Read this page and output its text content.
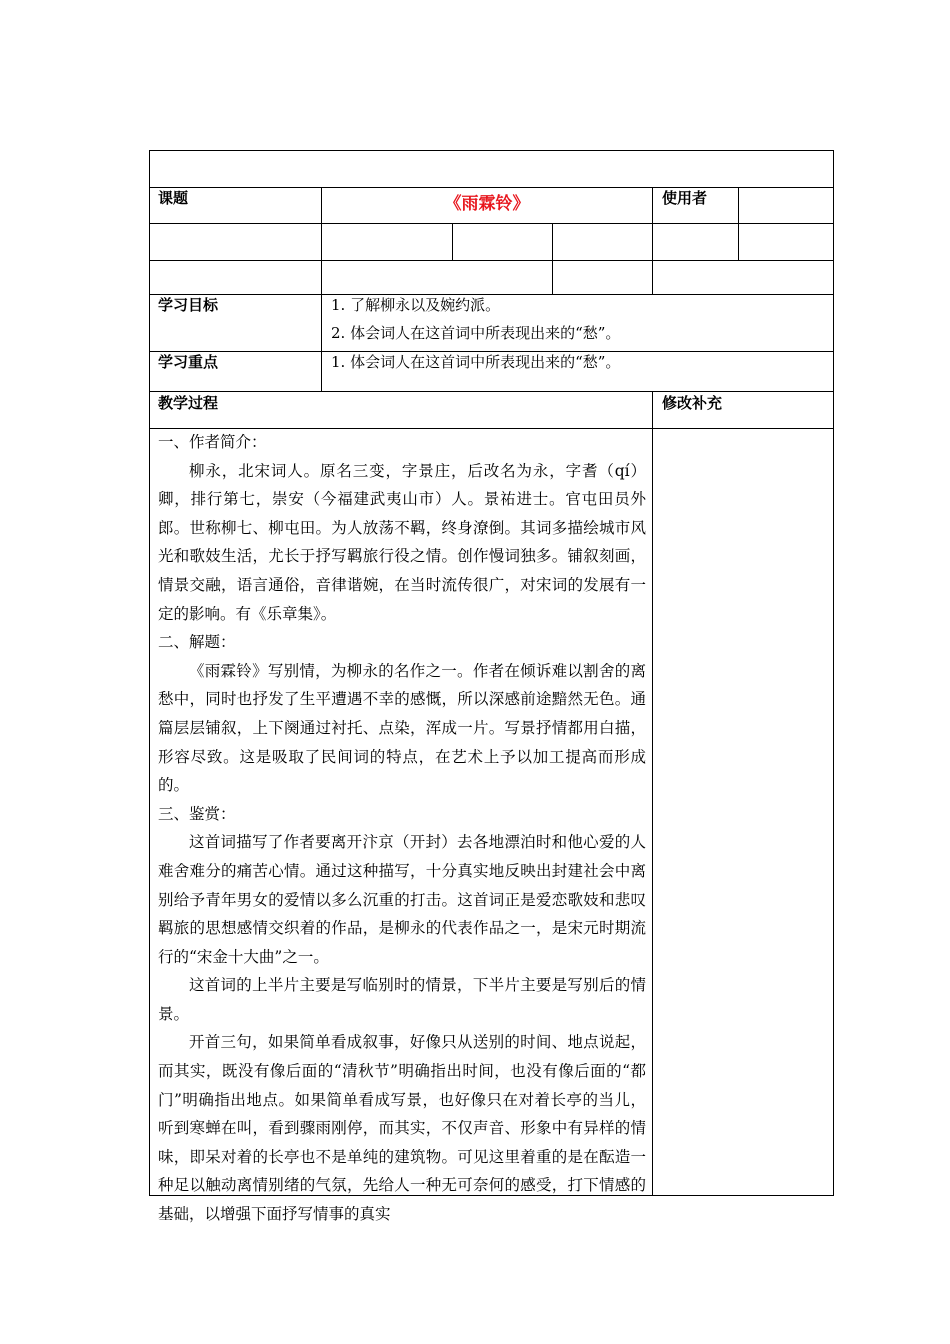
课题	《雨霖铃》	使用者
学习目标	1. 了解柳永以及婉约派。
2. 体会词人在这首词中所表现出来的“愁”。
学习重点	1. 体会词人在这首词中所表现出来的“愁”。
教学过程	修改补充

一、作者简介：

柳永，北宋词人。原名三变，字景庄，后改名为永，字耆（qí）卿，排行第七，崇安（今福建武夷山市）人。景祐进士。官屯田员外郎。世称柳七、柳屯田。为人放荡不羁，终身潦倒。其词多描绘城市风光和歌妓生活，尤长于抒写羁旅行役之情。创作慢词独多。铺叙刻画，情景交融，语言通俗，音律谐婉，在当时流传很广，对宋词的发展有一定的影响。有《乐章集》。

二、解题：

《雨霖铃》写别情，为柳永的名作之一。作者在倾诉难以割舍的离愁中，同时也抒发了生平遭遇不幸的感慨，所以深感前途黯然无色。通篇层层铺叙，上下阕通过衬托、点染，浑成一片。写景抒情都用白描，形容尽致。这是吸取了民间词的特点，在艺术上予以加工提高而形成的。

三、鉴赏：

这首词描写了作者要离开汴京（开封）去各地漂泊时和他心爱的人难舍难分的痛苦心情。通过这种描写，十分真实地反映出封建社会中离别给予青年男女的爱情以多么沉重的打击。这首词正是爱恋歌妓和悲叹羁旅的思想感情交织着的作品，是柳永的代表作品之一，是宋元时期流行的“宋金十大曲”之一。

这首词的上半片主要是写临别时的情景，下半片主要是写别后的情景。

开首三句，如果简单看成叙事，好像只从送别的时间、地点说起，而其实，既没有像后面的“清秋节”明确指出时间，也没有像后面的“都门”明确指出地点。如果简单看成写景，也好像只在对着长亭的当儿，听到寒蝉在叫，看到骤雨刚停，而其实，不仅声音、形象中有异样的情味，即呆对着的长亭也不是单纯的建筑物。可见这里着重的是在酝造一种足以触动离情别绪的气氛，先给人一种无可奈何的感受，打下情感的基础，以增强下面抒写情事的真实
